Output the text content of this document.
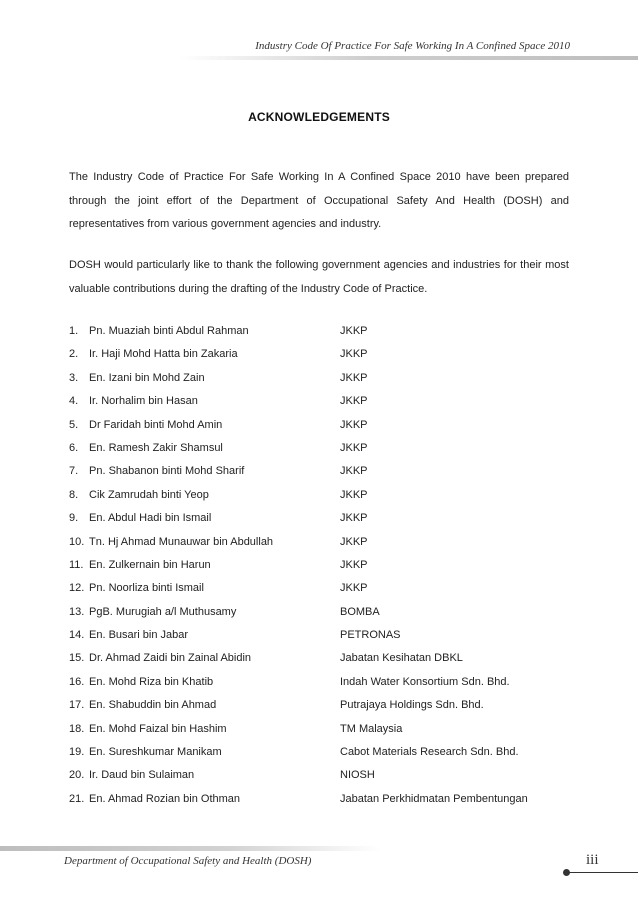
Industry Code Of Practice For Safe Working In A Confined Space 2010
ACKNOWLEDGEMENTS
The Industry Code of Practice For Safe Working In A Confined Space 2010 have been prepared through the joint effort of the Department of Occupational Safety And Health (DOSH) and representatives from various government agencies and industry.
DOSH would particularly like to thank the following government agencies and industries for their most valuable contributions during the drafting of the Industry Code of Practice.
1. Pn. Muaziah binti Abdul Rahman	JKKP
2. Ir. Haji Mohd Hatta bin Zakaria	JKKP
3. En. Izani bin Mohd Zain	JKKP
4. Ir. Norhalim bin Hasan	JKKP
5. Dr Faridah binti Mohd Amin	JKKP
6. En. Ramesh Zakir Shamsul	JKKP
7. Pn. Shabanon binti Mohd Sharif	JKKP
8. Cik Zamrudah binti Yeop	JKKP
9. En. Abdul Hadi bin Ismail	JKKP
10. Tn. Hj Ahmad Munauwar bin Abdullah	JKKP
11. En. Zulkernain bin Harun	JKKP
12. Pn. Noorliza binti Ismail	JKKP
13. PgB. Murugiah a/l Muthusamy	BOMBA
14. En. Busari bin Jabar	PETRONAS
15. Dr. Ahmad Zaidi bin Zainal Abidin	Jabatan Kesihatan DBKL
16. En. Mohd Riza bin Khatib	Indah Water Konsortium Sdn. Bhd.
17. En. Shabuddin bin Ahmad	Putrajaya Holdings Sdn. Bhd.
18. En. Mohd Faizal bin Hashim	TM Malaysia
19. En. Sureshkumar Manikam	Cabot Materials Research Sdn. Bhd.
20. Ir. Daud bin Sulaiman	NIOSH
21. En. Ahmad Rozian bin Othman	Jabatan Perkhidmatan Pembentungan
Department of Occupational Safety and Health (DOSH)	iii
